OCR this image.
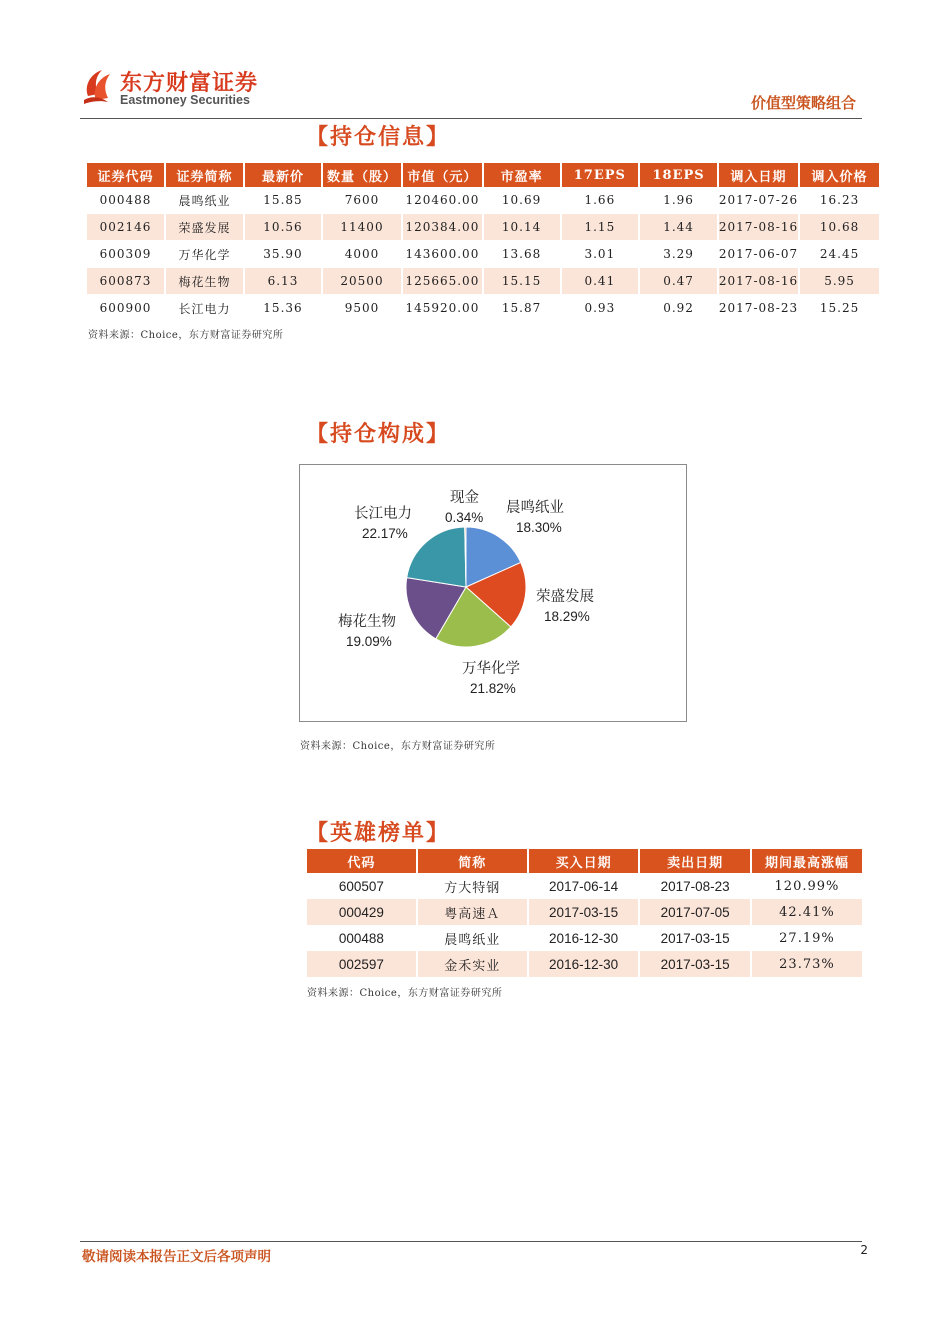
东方财富证券
Eastmoney Securities	价值型策略组合
【持仓信息】
证券代码	证券简称	最新价	数量（股）	市值（元）	市盈率	17EPS	18EPS	调入日期	调入价格
000488	晨鸣纸业	15.85	7600	120460.00	10.69	1.66	1.96	2017-07-26	16.23
002146	荣盛发展	10.56	11400	120384.00	10.14	1.15	1.44	2017-08-16	10.68
600309	万华化学	35.90	4000	143600.00	13.68	3.01	3.29	2017-06-07	24.45
600873	梅花生物	6.13	20500	125665.00	15.15	0.41	0.47	2017-08-16	5.95
600900	长江电力	15.36	9500	145920.00	15.87	0.93	0.92	2017-08-23	15.25
资料来源：Choice，东方财富证券研究所
【持仓构成】
晨鸣纸业
18.30%
荣盛发展
18.29%
万华化学
21.82%
梅花生物
19.09%
长江电力
22.17%
现金
0.34%
资料来源：Choice，东方财富证券研究所
【英雄榜单】
代码	简称	买入日期	卖出日期	期间最高涨幅
600507	方大特钢	2017-06-14	2017-08-23	120.99%
000429	粤高速Ａ	2017-03-15	2017-07-05	42.41%
000488	晨鸣纸业	2016-12-30	2017-03-15	27.19%
002597	金禾实业	2016-12-30	2017-03-15	23.73%
资料来源：Choice，东方财富证券研究所
敬请阅读本报告正文后各项声明	2
